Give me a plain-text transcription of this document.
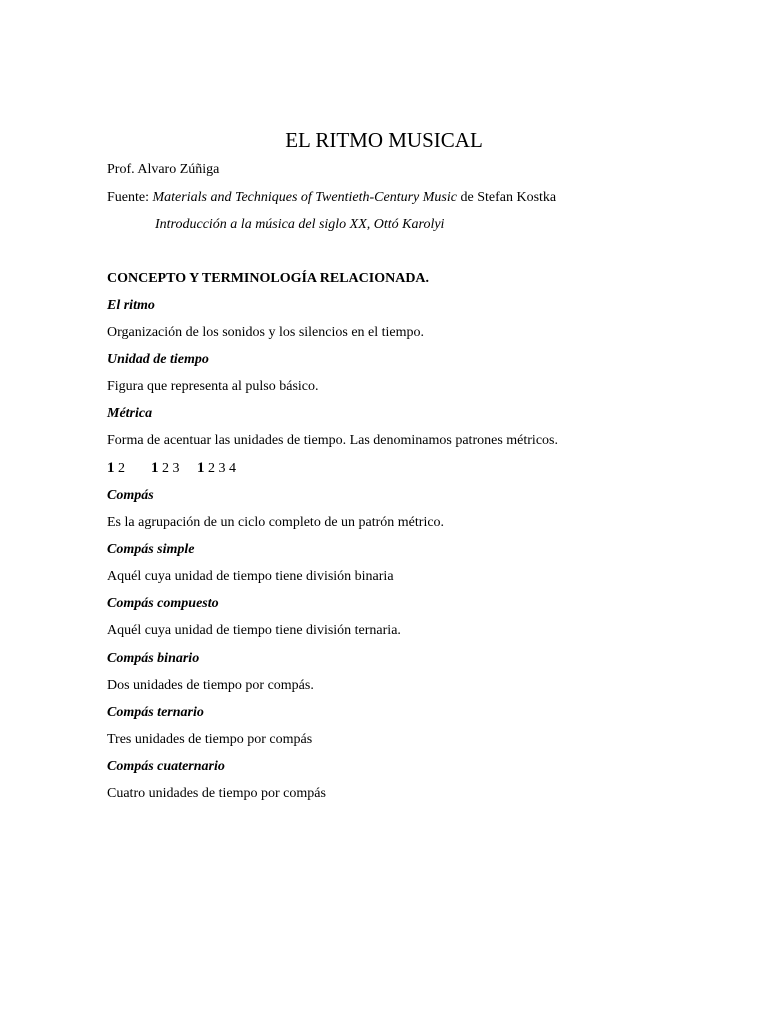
EL RITMO MUSICAL
Prof. Alvaro Zúñiga
Fuente: Materials and Techniques of Twentieth-Century Music de Stefan Kostka
Introducción a la música del siglo XX, Ottó Karolyi
CONCEPTO Y TERMINOLOGÍA RELACIONADA.
El ritmo
Organización de los sonidos y los silencios en el tiempo.
Unidad de tiempo
Figura que representa al pulso básico.
Métrica
Forma de acentuar las unidades de tiempo. Las denominamos patrones métricos.
1 2 1 2 3 1 2 3 4
Compás
Es la agrupación de un ciclo completo de un patrón métrico.
Compás simple
Aquél cuya unidad de tiempo tiene división binaria
Compás compuesto
Aquél cuya unidad de tiempo tiene división ternaria.
Compás binario
Dos unidades de tiempo por compás.
Compás ternario
Tres unidades de tiempo por compás
Compás cuaternario
Cuatro unidades de tiempo por compás
